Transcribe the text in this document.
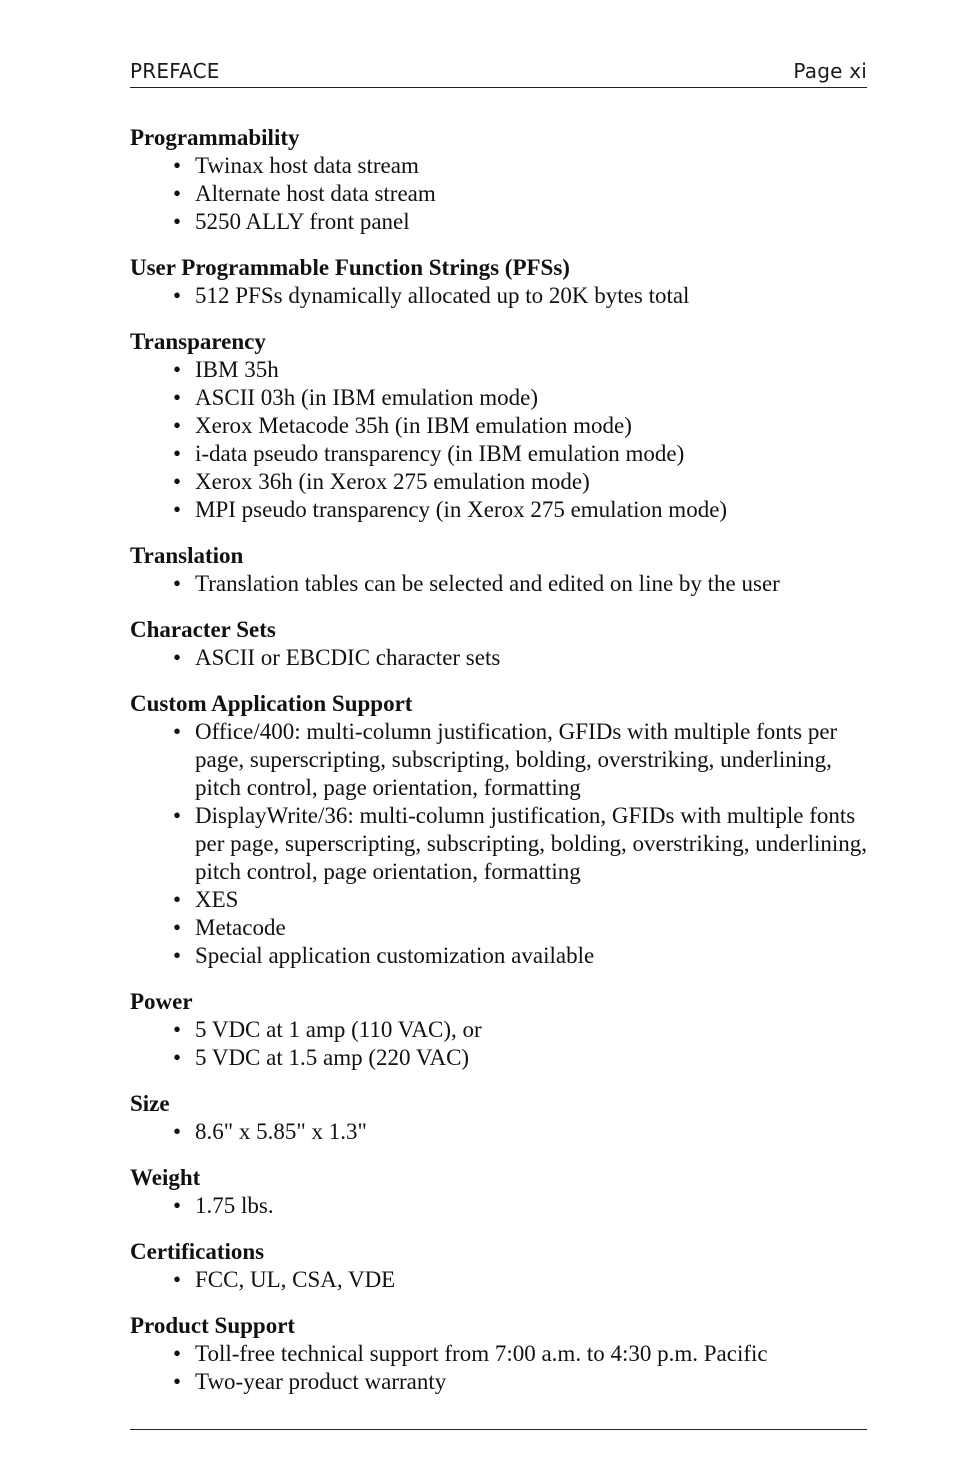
PREFACE	Page xi
Programmability
• Twinax host data stream
• Alternate host data stream
• 5250 ALLY front panel
User Programmable Function Strings (PFSs)
• 512 PFSs dynamically allocated up to 20K bytes total
Transparency
• IBM 35h
• ASCII 03h (in IBM emulation mode)
• Xerox Metacode 35h (in IBM emulation mode)
• i-data pseudo transparency (in IBM emulation mode)
• Xerox 36h (in Xerox 275 emulation mode)
• MPI pseudo transparency (in Xerox 275 emulation mode)
Translation
• Translation tables can be selected and edited on line by the user
Character Sets
• ASCII or EBCDIC character sets
Custom Application Support
• Office/400: multi-column justification, GFIDs with multiple fonts per page, superscripting, subscripting, bolding, overstriking, underlining, pitch control, page orientation, formatting
• DisplayWrite/36: multi-column justification, GFIDs with multiple fonts per page, superscripting, subscripting, bolding, overstriking, underlining, pitch control, page orientation, formatting
• XES
• Metacode
• Special application customization available
Power
• 5 VDC at 1 amp (110 VAC), or
• 5 VDC at 1.5 amp (220 VAC)
Size
• 8.6" x 5.85" x 1.3"
Weight
• 1.75 lbs.
Certifications
• FCC, UL, CSA, VDE
Product Support
• Toll-free technical support from 7:00 a.m. to 4:30 p.m. Pacific
• Two-year product warranty
